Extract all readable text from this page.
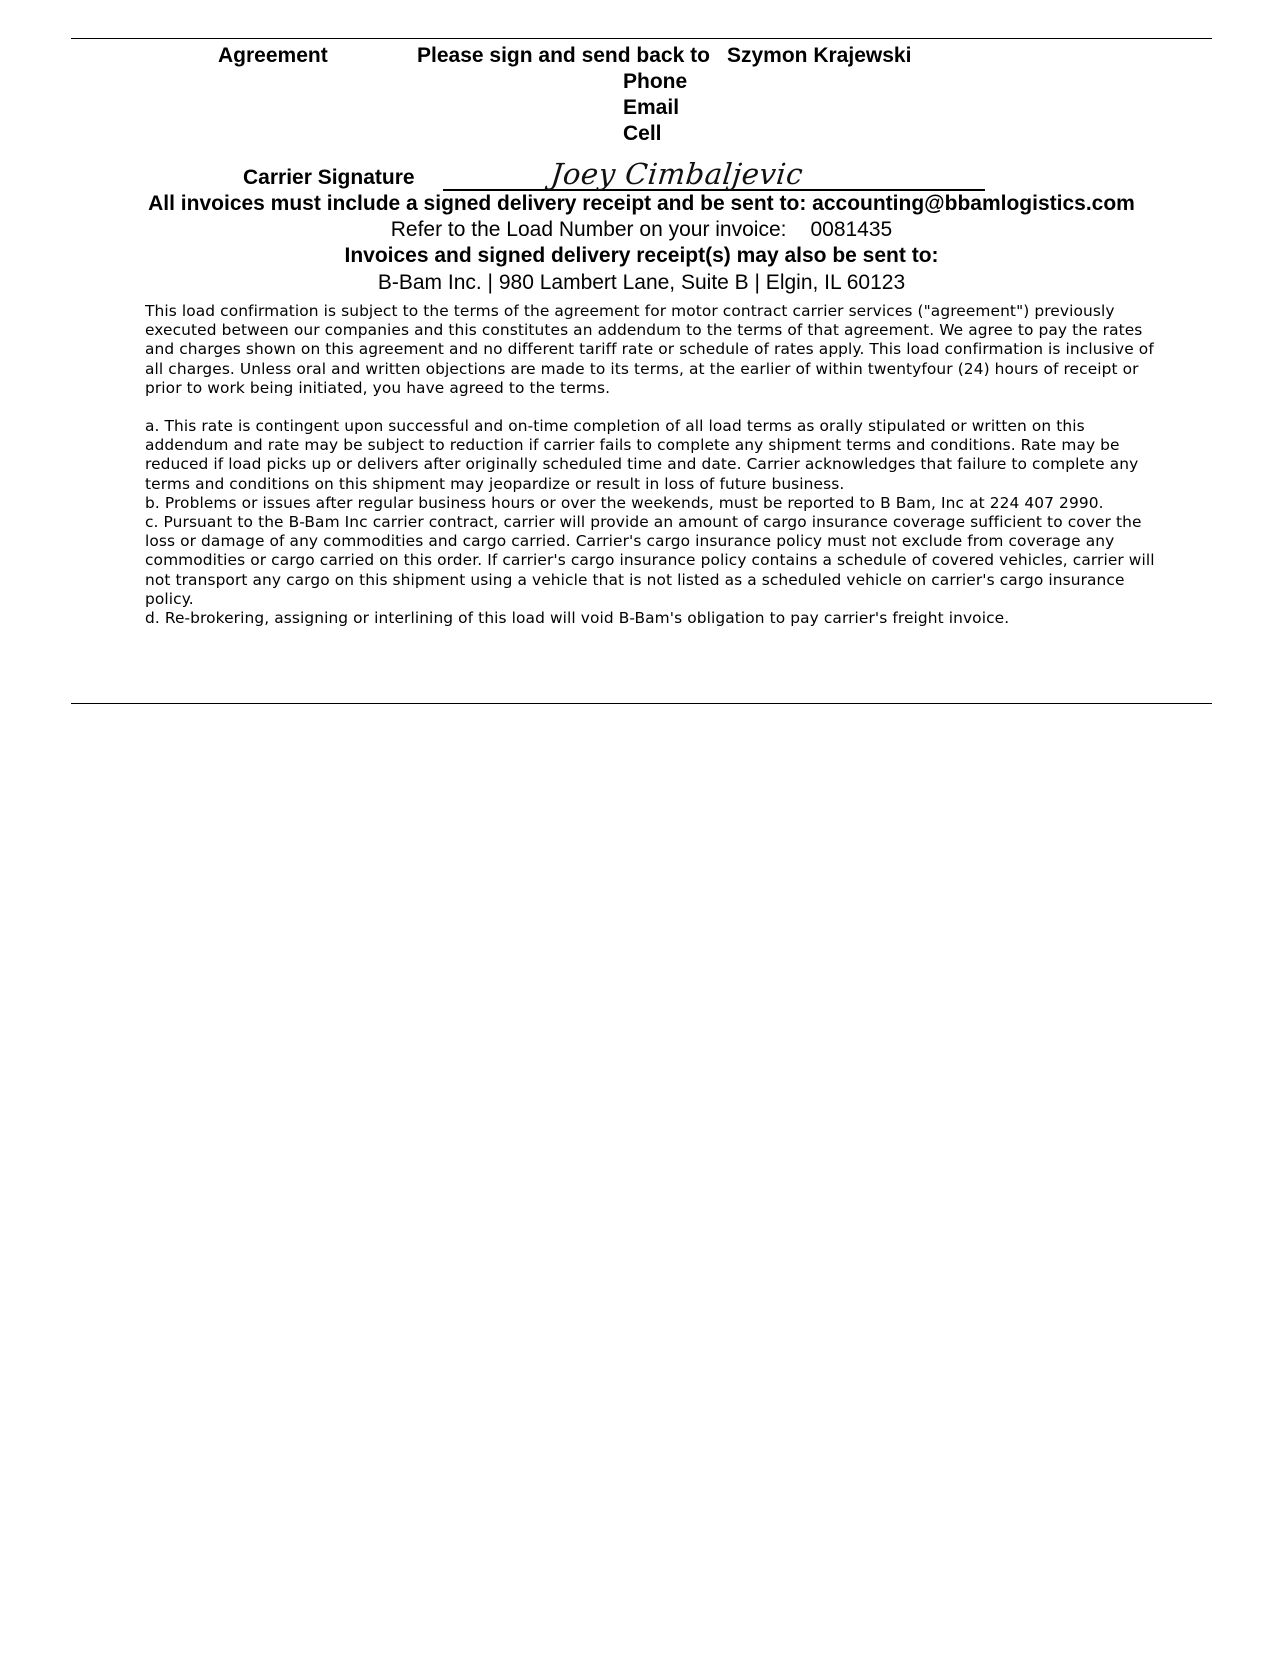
Agreement	Please sign and send back to Szymon Krajewski
Phone
Email
Cell
Carrier Signature	Joey Cimbaljevic
All invoices must include a signed delivery receipt and be sent to: accounting@bbamlogistics.com
Refer to the Load Number on your invoice: 0081435
Invoices and signed delivery receipt(s) may also be sent to:
B-Bam Inc. | 980 Lambert Lane, Suite B | Elgin, IL 60123

This load confirmation is subject to the terms of the agreement for motor contract carrier services ("agreement") previously executed between our companies and this constitutes an addendum to the terms of that agreement. We agree to pay the rates and charges shown on this agreement and no different tariff rate or schedule of rates apply. This load confirmation is inclusive of all charges. Unless oral and written objections are made to its terms, at the earlier of within twentyfour (24) hours of receipt or prior to work being initiated, you have agreed to the terms.

a. This rate is contingent upon successful and on-time completion of all load terms as orally stipulated or written on this addendum and rate may be subject to reduction if carrier fails to complete any shipment terms and conditions. Rate may be reduced if load picks up or delivers after originally scheduled time and date. Carrier acknowledges that failure to complete any terms and conditions on this shipment may jeopardize or result in loss of future business.

b. Problems or issues after regular business hours or over the weekends, must be reported to B Bam, Inc at 224 407 2990.

c. Pursuant to the B-Bam Inc carrier contract, carrier will provide an amount of cargo insurance coverage sufficient to cover the loss or damage of any commodities and cargo carried. Carrier's cargo insurance policy must not exclude from coverage any commodities or cargo carried on this order. If carrier's cargo insurance policy contains a schedule of covered vehicles, carrier will not transport any cargo on this shipment using a vehicle that is not listed as a scheduled vehicle on carrier's cargo insurance policy.

d. Re-brokering, assigning or interlining of this load will void B-Bam's obligation to pay carrier's freight invoice.
